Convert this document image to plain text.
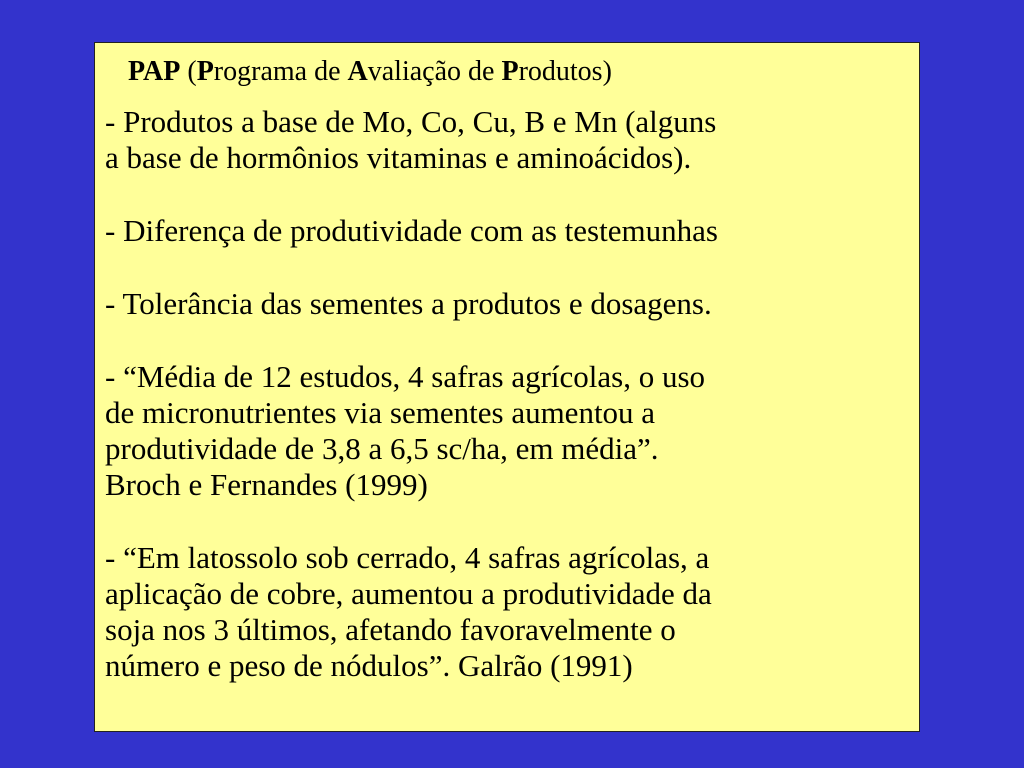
PAP (Programa de Avaliação de Produtos)

- Produtos a base de Mo, Co, Cu, B e Mn (alguns
a base de hormônios vitaminas e aminoácidos).

- Diferença de produtividade com as testemunhas

- Tolerância das sementes a produtos e dosagens.

- “Média de 12 estudos, 4 safras agrícolas, o uso
de micronutrientes via sementes aumentou a
produtividade de 3,8 a 6,5 sc/ha, em média”.
Broch e Fernandes (1999)

- “Em latossolo sob cerrado, 4 safras agrícolas, a
aplicação de cobre, aumentou a produtividade da
soja nos 3 últimos, afetando favoravelmente o
número e peso de nódulos”. Galrão (1991)
